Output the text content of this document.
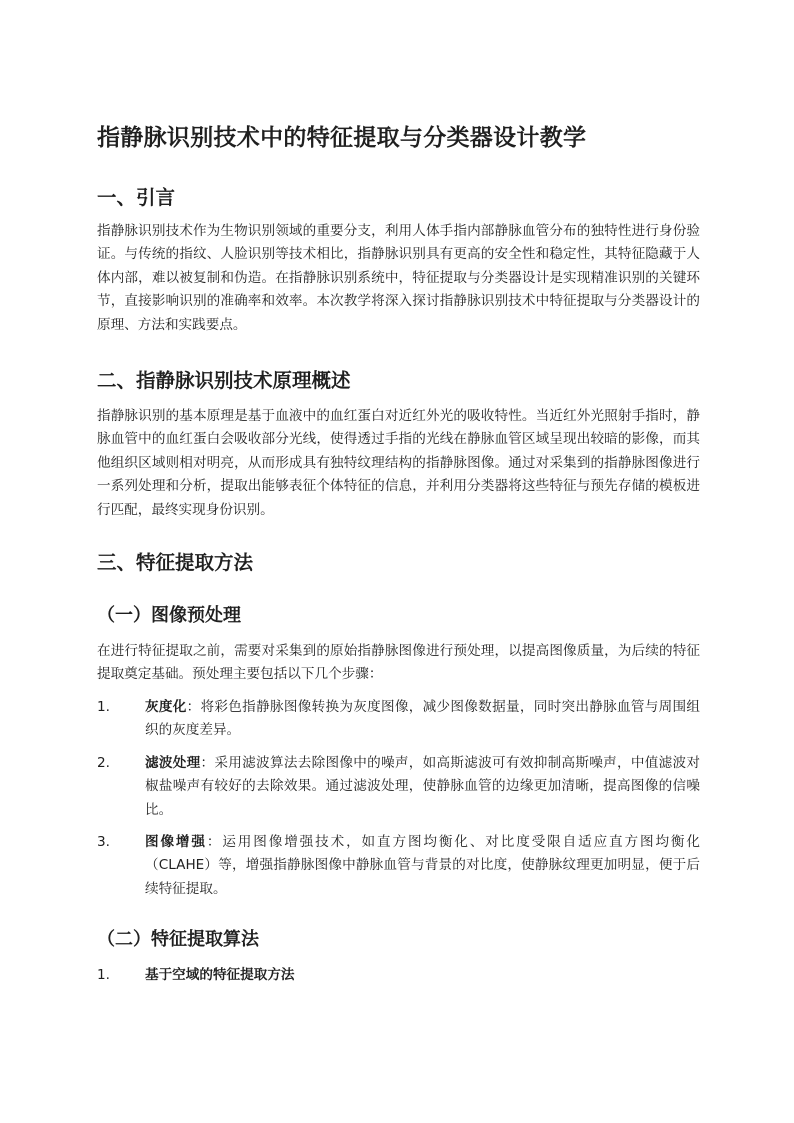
指静脉识别技术中的特征提取与分类器设计教学
一、引言

指静脉识别技术作为生物识别领域的重要分支，利用人体手指内部静脉血管分布的独特性进行身份验证。与传统的指纹、人脸识别等技术相比，指静脉识别具有更高的安全性和稳定性，其特征隐藏于人体内部，难以被复制和伪造。在指静脉识别系统中，特征提取与分类器设计是实现精准识别的关键环节，直接影响识别的准确率和效率。本次教学将深入探讨指静脉识别技术中特征提取与分类器设计的原理、方法和实践要点。

二、指静脉识别技术原理概述

指静脉识别的基本原理是基于血液中的血红蛋白对近红外光的吸收特性。当近红外光照射手指时，静脉血管中的血红蛋白会吸收部分光线，使得透过手指的光线在静脉血管区域呈现出较暗的影像，而其他组织区域则相对明亮，从而形成具有独特纹理结构的指静脉图像。通过对采集到的指静脉图像进行一系列处理和分析，提取出能够表征个体特征的信息，并利用分类器将这些特征与预先存储的模板进行匹配，最终实现身份识别。

三、特征提取方法
（一）图像预处理

在进行特征提取之前，需要对采集到的原始指静脉图像进行预处理，以提高图像质量，为后续的特征提取奠定基础。预处理主要包括以下几个步骤：

1.	灰度化：将彩色指静脉图像转换为灰度图像，减少图像数据量，同时突出静脉血管与周围组织的灰度差异。
2.	滤波处理：采用滤波算法去除图像中的噪声，如高斯滤波可有效抑制高斯噪声，中值滤波对椒盐噪声有较好的去除效果。通过滤波处理，使静脉血管的边缘更加清晰，提高图像的信噪比。
3.	图像增强：运用图像增强技术，如直方图均衡化、对比度受限自适应直方图均衡化（CLAHE）等，增强指静脉图像中静脉血管与背景的对比度，使静脉纹理更加明显，便于后续特征提取。
（二）特征提取算法
1.	基于空域的特征提取方法
